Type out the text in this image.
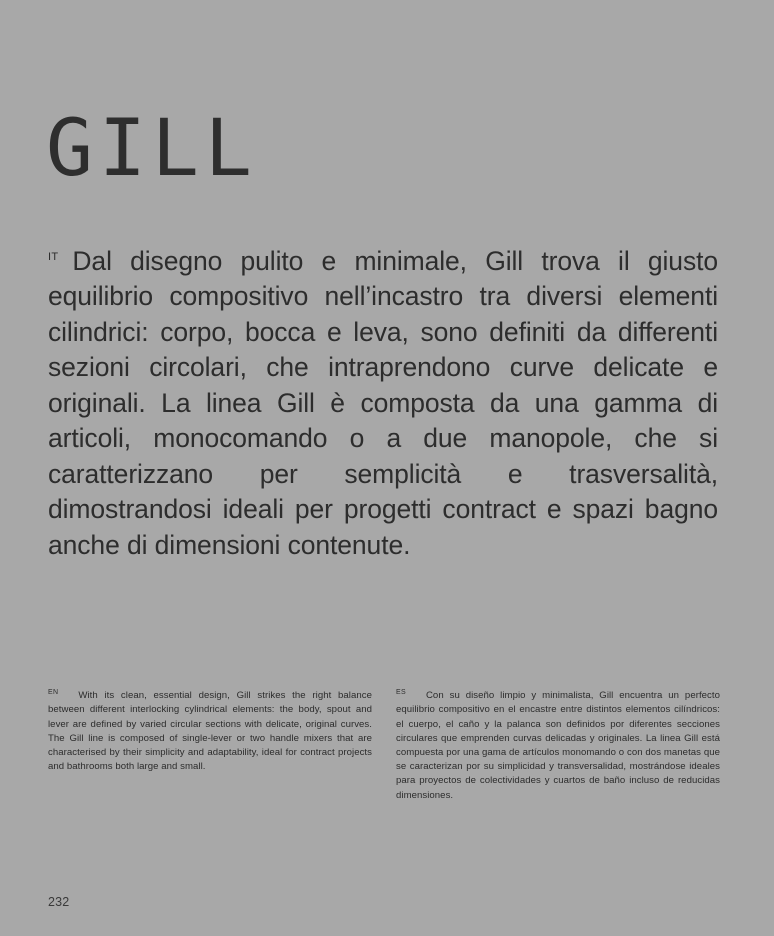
GILL

$^{IT}$ Dal disegno pulito e minimale, Gill trova il giusto equilibrio compositivo nell’incastro tra diversi elementi cilindrici: corpo, bocca e leva, sono definiti da differenti sezioni circolari, che intraprendono curve delicate e originali. La linea Gill è composta da una gamma di articoli, monocomando o a due manopole, che si caratterizzano per semplicità e trasversalità, dimostrandosi ideali per progetti contract e spazi bagno anche di dimensioni contenute.

$^{EN}$ With its clean, essential design, Gill strikes the right balance between different interlocking cylindrical elements: the body, spout and lever are defined by varied circular sections with delicate, original curves. The Gill line is composed of single-lever or two handle mixers that are characterised by their simplicity and adaptability, ideal for contract projects and bathrooms both large and small.

$^{ES}$ Con su diseño limpio y minimalista, Gill encuentra un perfecto equilibrio compositivo en el encastre entre distintos elementos cilíndricos: el cuerpo, el caño y la palanca son definidos por diferentes secciones circulares que emprenden curvas delicadas y originales. La linea Gill está compuesta por una gama de artículos monomando o con dos manetas que se caracterizan por su simplicidad y transversalidad, mostrándose ideales para proyectos de colectividades y cuartos de baño incluso de reducidas dimensiones.

232
